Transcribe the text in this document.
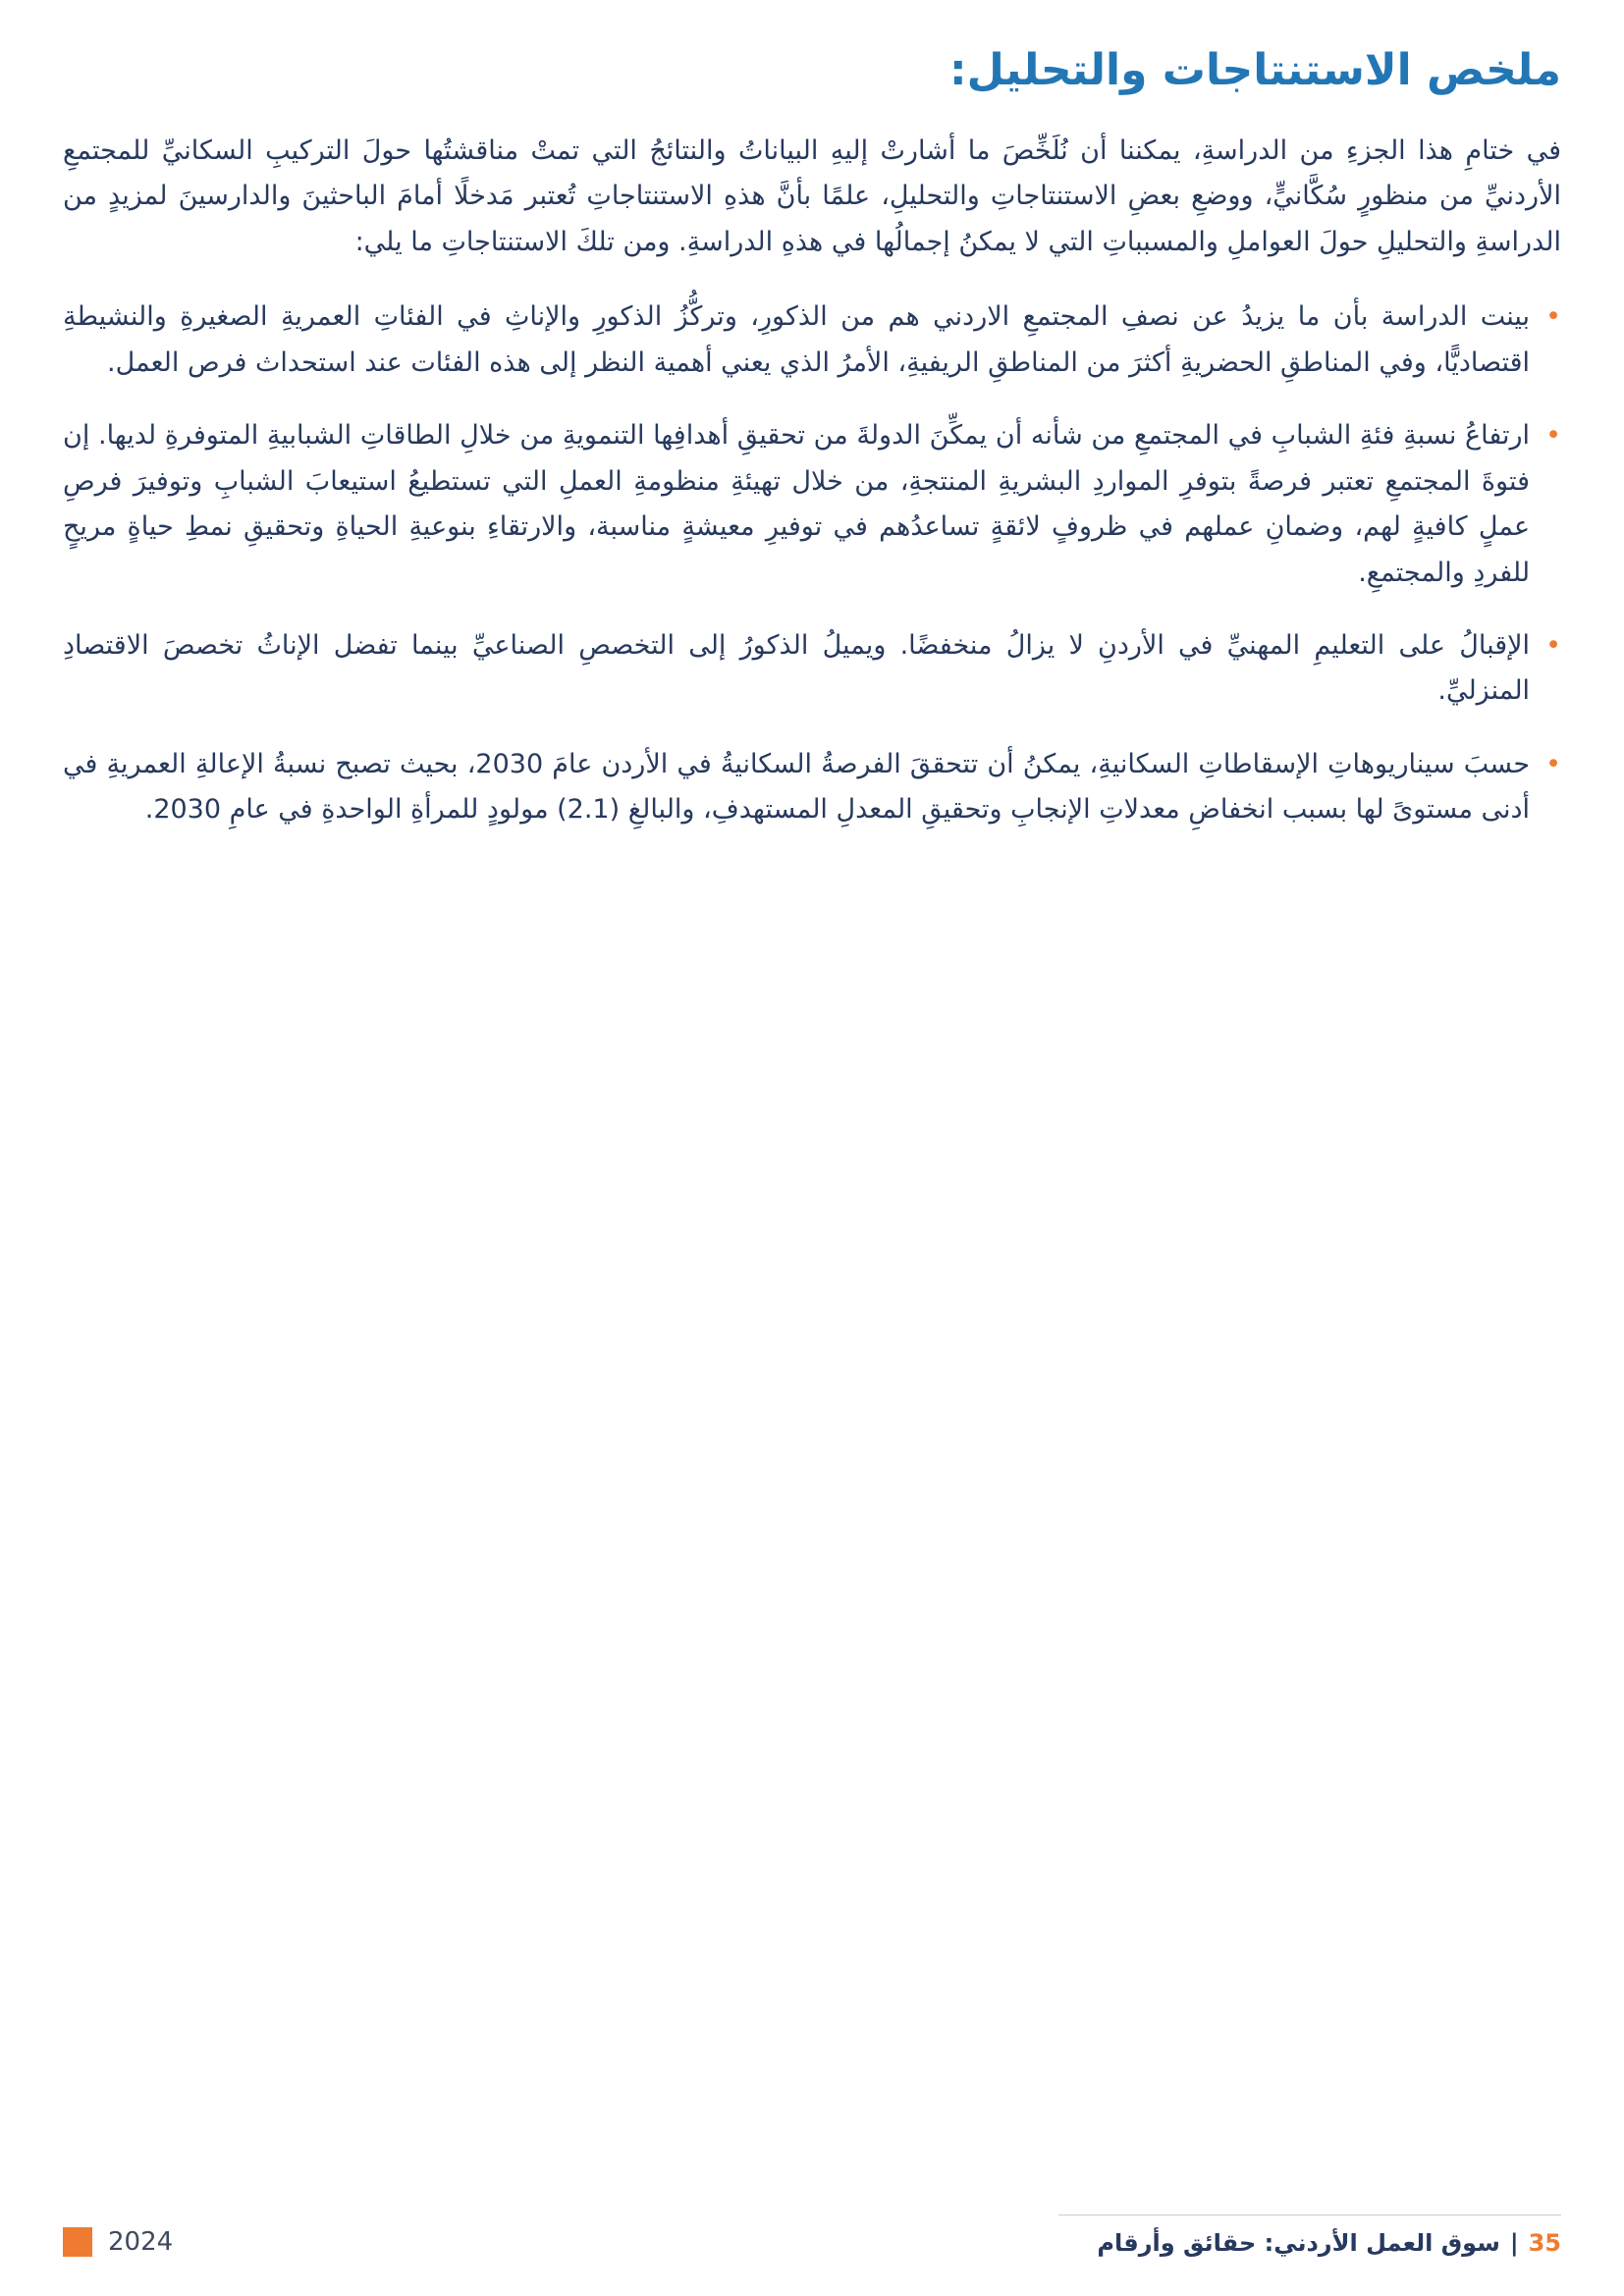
ملخص الاستنتاجات والتحليل:

في ختامِ هذا الجزءِ من الدراسةِ، يمكننا أن نُلَخِّصَ ما أشارتْ إليهِ البياناتُ والنتائجُ التي تمتْ مناقشتُها حولَ التركيبِ السكانيِّ للمجتمعِ الأردنيِّ من منظورٍ سُكَّانيٍّ، ووضعِ بعضِ الاستنتاجاتِ والتحليلِ، علمًا بأنَّ هذهِ الاستنتاجاتِ تُعتبر مَدخلًا أمامَ الباحثينَ والدارسينَ لمزيدٍ من الدراسةِ والتحليلِ حولَ العواملِ والمسبباتِ التي لا يمكنُ إجمالُها في هذهِ الدراسةِ. ومن تلكَ الاستنتاجاتِ ما يلي:

•
بينت الدراسة بأن ما يزيدُ عن نصفِ المجتمعِ الاردني هم من الذكورِ، وتركُّزُ الذكورِ والإناثِ في الفئاتِ العمريةِ الصغيرةِ والنشيطةِ اقتصاديًّا، وفي المناطقِ الحضريةِ أكثرَ من المناطقِ الريفيةِ، الأمرُ الذي يعني أهمية النظر إلى هذه الفئات عند استحداث فرص العمل.
•
ارتفاعُ نسبةِ فئةِ الشبابِ في المجتمعِ من شأنه أن يمكِّنَ الدولةَ من تحقيقِ أهدافِها التنمويةِ من خلالِ الطاقاتِ الشبابيةِ المتوفرةِ لديها. إن فتوةَ المجتمعِ تعتبر فرصةً بتوفرِ المواردِ البشريةِ المنتجةِ، من خلال تهيئةِ منظومةِ العملِ التي تستطيعُ استيعابَ الشبابِ وتوفيرَ فرصِ عملٍ كافيةٍ لهم، وضمانِ عملهم في ظروفٍ لائقةٍ تساعدُهم في توفيرِ معيشةٍ مناسبة، والارتقاءِ بنوعيةِ الحياةِ وتحقيقِ نمطِ حياةٍ مريحٍ للفردِ والمجتمعِ.
•
الإقبالُ على التعليمِ المهنيِّ في الأردنِ لا يزالُ منخفضًا. ويميلُ الذكورُ إلى التخصصِ الصناعيِّ بينما تفضل الإناثُ تخصصَ الاقتصادِ المنزليِّ.
•
حسبَ سيناريوهاتِ الإسقاطاتِ السكانيةِ، يمكنُ أن تتحققَ الفرصةُ السكانيةُ في الأردن عامَ 2030، بحيث تصبح نسبةُ الإعالةِ العمريةِ في أدنى مستوىً لها بسبب انخفاضِ معدلاتِ الإنجابِ وتحقيقِ المعدلِ المستهدفِ، والبالغِ (2.1) مولودٍ للمرأةِ الواحدةِ في عامِ 2030.
2024	سوق العمل الأردني: حقائق وأرقام | 35
